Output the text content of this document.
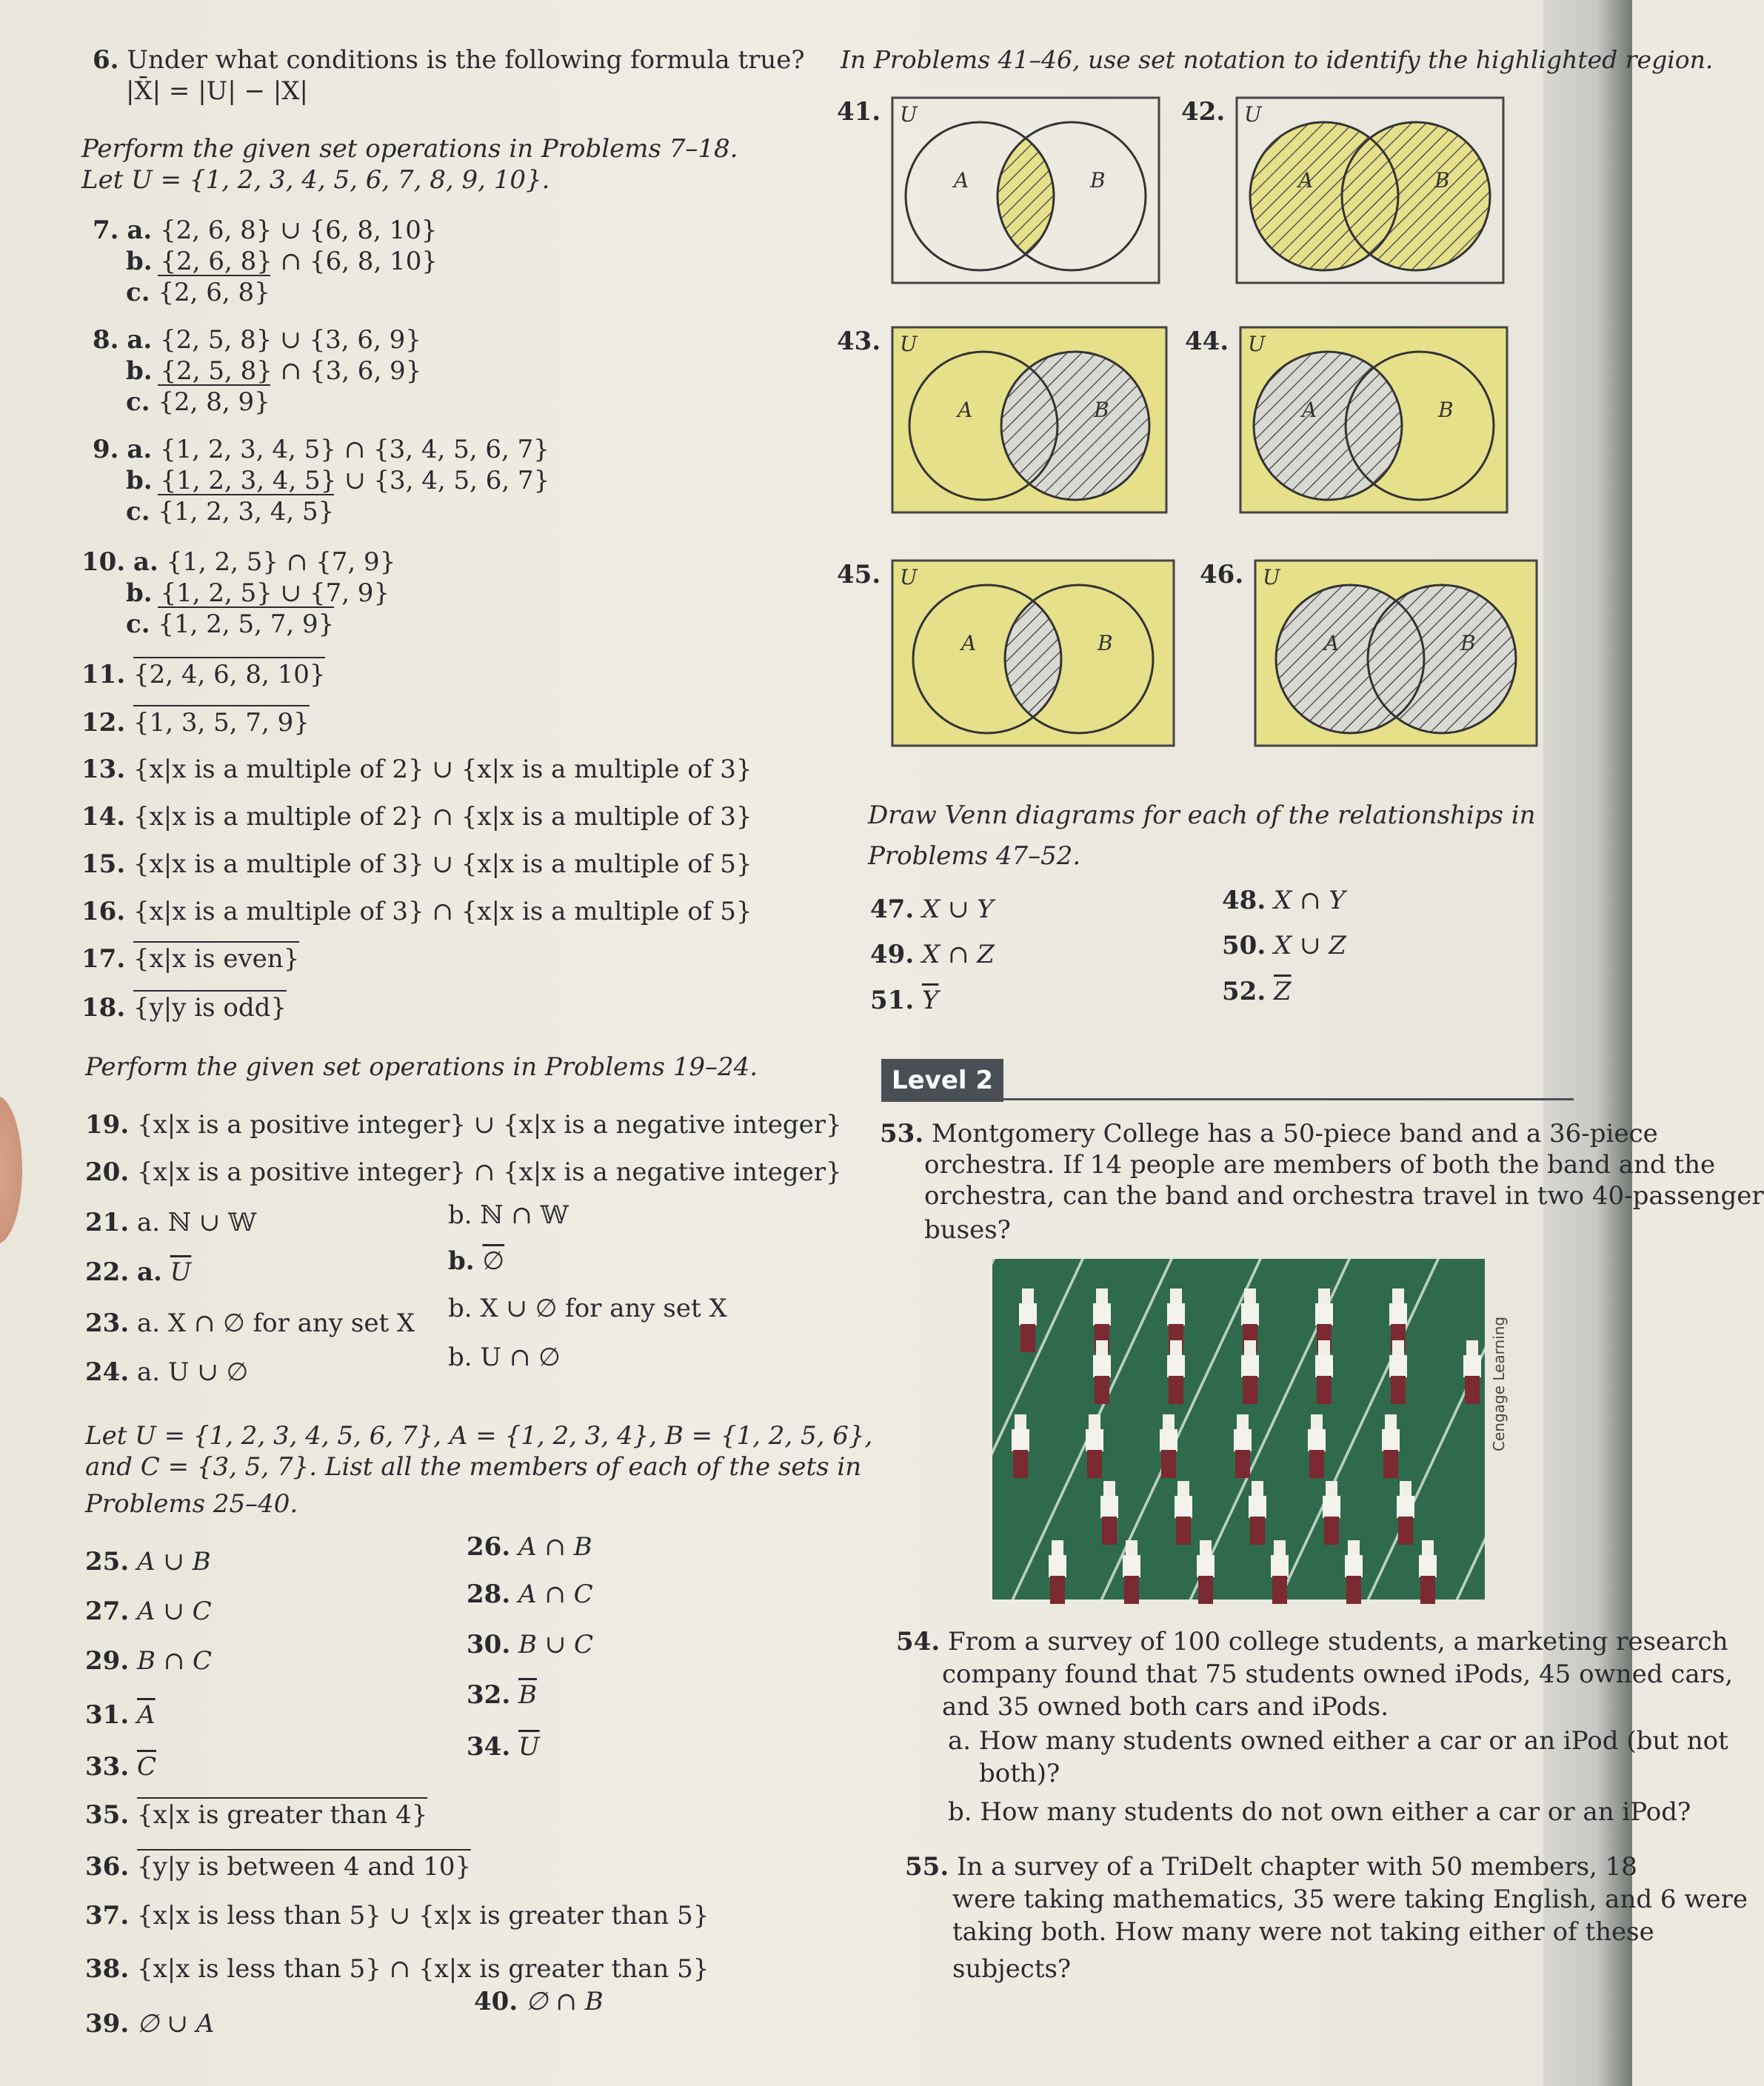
6. Under what conditions is the following formula true?
|X̄| = |U| − |X|
Perform the given set operations in Problems 7–18.
Let U = {1, 2, 3, 4, 5, 6, 7, 8, 9, 10}.
7. a. {2, 6, 8} ∪ {6, 8, 10}
b. {2, 6, 8} ∩ {6, 8, 10}
c. {2, 6, 8}
8. a. {2, 5, 8} ∪ {3, 6, 9}
b. {2, 5, 8} ∩ {3, 6, 9}
c. {2, 8, 9}
9. a. {1, 2, 3, 4, 5} ∩ {3, 4, 5, 6, 7}
b. {1, 2, 3, 4, 5} ∪ {3, 4, 5, 6, 7}
c. {1, 2, 3, 4, 5}
10. a. {1, 2, 5} ∩ {7, 9}
b. {1, 2, 5} ∪ {7, 9}
c. {1, 2, 5, 7, 9}
11. {2, 4, 6, 8, 10}
12. {1, 3, 5, 7, 9}
13. {x|x is a multiple of 2} ∪ {x|x is a multiple of 3}
14. {x|x is a multiple of 2} ∩ {x|x is a multiple of 3}
15. {x|x is a multiple of 3} ∪ {x|x is a multiple of 5}
16. {x|x is a multiple of 3} ∩ {x|x is a multiple of 5}
17. {x|x is even}
18. {y|y is odd}
Perform the given set operations in Problems 19–24.
19. {x|x is a positive integer} ∪ {x|x is a negative integer}
20. {x|x is a positive integer} ∩ {x|x is a negative integer}
21. a. ℕ ∪ 𝕎	b. ℕ ∩ 𝕎
22. a. $\overline{U}$	b. ∅
23. a. X ∩ ∅ for any set X b. X ∪ ∅ for any set X
24. a. U ∪ ∅	b. U ∩ ∅
Let U = {1, 2, 3, 4, 5, 6, 7}, A = {1, 2, 3, 4}, B = {1, 2, 5, 6},
and C = {3, 5, 7}. List all the members of each of the sets in
Problems 25–40.
25. A ∪ B	26. A ∩ B
27. A ∪ C
28. A ∩ C
29. B ∩ C
30. B ∪ C
31. $\overline{A}$
32. $\overline{B}$
33. $\overline{C}$
34. $\overline{U}$
35. {x|x is greater than 4}
36. {y|y is between 4 and 10}
37. {x|x is less than 5} ∪ {x|x is greater than 5}
38. {x|x is less than 5} ∩ {x|x is greater than 5}
39. ∅ ∪ A
40. ∅ ∩ B
In Problems 41–46, use set notation to identify the highlighted region.
41. U
A	B
42. U
A	B
43. U
A	B
44. U
A	B
45. U
A	B
46. U
A	B
Draw Venn diagrams for each of the relationships in
Problems 47–52.
47. X ∪ Y	48. X ∩ Y
49. X ∩ Z	50. X ∪ Z
51. $\overline{Y}$	52. $\overline{Z}$
Level 2
53. Montgomery College has a 50-piece band and a 36-piece
orchestra. If 14 people are members of both the band and the
orchestra, can the band and orchestra travel in two 40-passenger
buses?
Cengage Learning
54. From a survey of 100 college students, a marketing research
company found that 75 students owned iPods, 45 owned cars,
and 35 owned both cars and iPods.
a. How many students owned either a car or an iPod (but not
both)?
b. How many students do not own either a car or an iPod?
55. In a survey of a TriDelt chapter with 50 members, 18
were taking mathematics, 35 were taking English, and 6 were
taking both. How many were not taking either of these
subjects?
